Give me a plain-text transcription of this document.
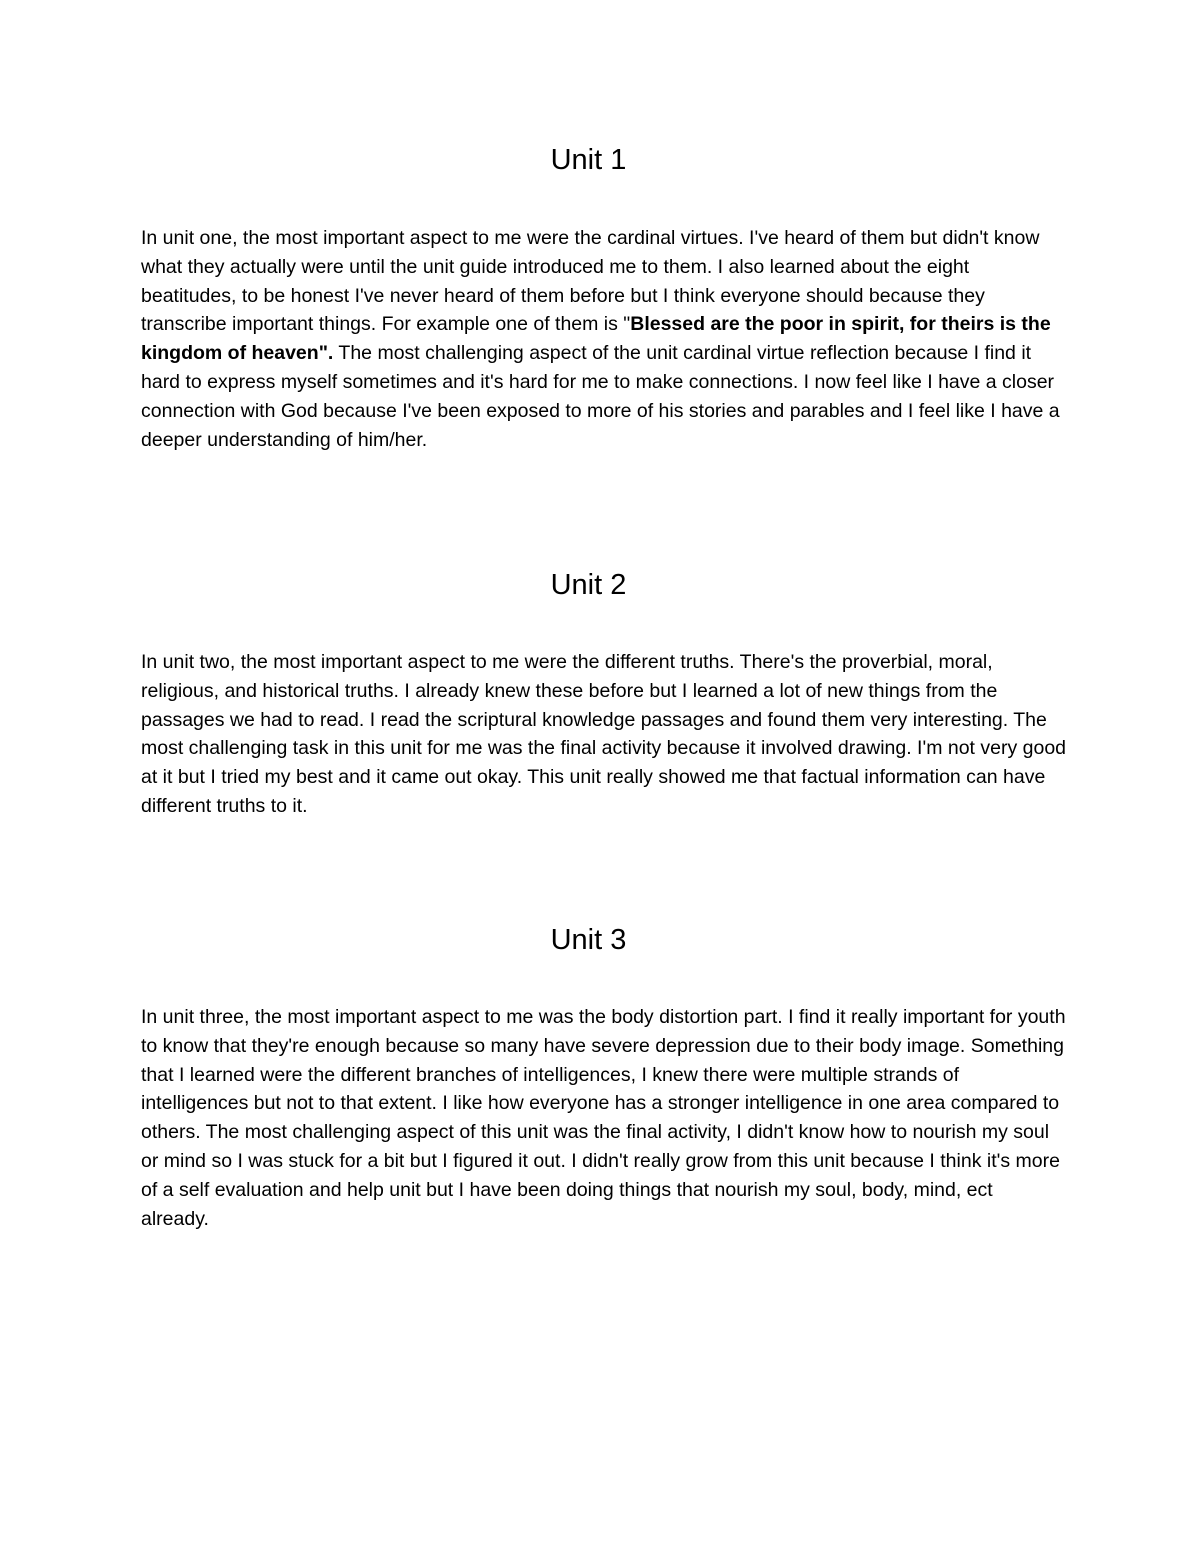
Unit 1

In unit one, the most important aspect to me were the cardinal virtues. I've heard of them but didn't know what they actually were until the unit guide introduced me to them. I also learned about the eight beatitudes, to be honest I've never heard of them before but I think everyone should because they transcribe important things. For example one of them is "Blessed are the poor in spirit, for theirs is the kingdom of heaven". The most challenging aspect of the unit cardinal virtue reflection because I find it hard to express myself sometimes and it's hard for me to make connections. I now feel like I have a closer connection with God because I've been exposed to more of his stories and parables and I feel like I have a deeper understanding of him/her.

Unit 2

In unit two, the most important aspect to me were the different truths. There's the proverbial, moral, religious, and historical truths. I already knew these before but I learned a lot of new things from the passages we had to read. I read the scriptural knowledge passages and found them very interesting. The most challenging task in this unit for me was the final activity because it involved drawing. I'm not very good at it but I tried my best and it came out okay. This unit really showed me that factual information can have different truths to it.

Unit 3

In unit three, the most important aspect to me was the body distortion part. I find it really important for youth to know that they're enough because so many have severe depression due to their body image. Something that I learned were the different branches of intelligences, I knew there were multiple strands of intelligences but not to that extent. I like how everyone has a stronger intelligence in one area compared to others. The most challenging aspect of this unit was the final activity, I didn't know how to nourish my soul or mind so I was stuck for a bit but I figured it out. I didn't really grow from this unit because I think it's more of a self evaluation and help unit but I have been doing things that nourish my soul, body, mind, ect already.
